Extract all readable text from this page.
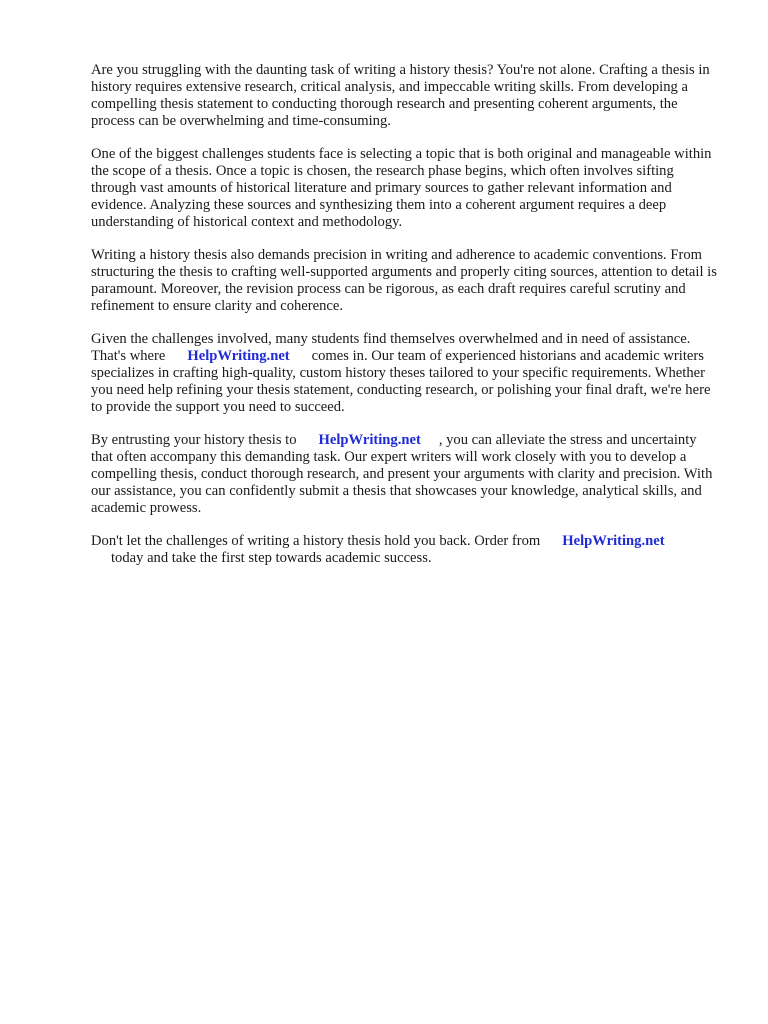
Are you struggling with the daunting task of writing a history thesis? You're not alone. Crafting a thesis in history requires extensive research, critical analysis, and impeccable writing skills. From developing a compelling thesis statement to conducting thorough research and presenting coherent arguments, the process can be overwhelming and time-consuming.

One of the biggest challenges students face is selecting a topic that is both original and manageable within the scope of a thesis. Once a topic is chosen, the research phase begins, which often involves sifting through vast amounts of historical literature and primary sources to gather relevant information and evidence. Analyzing these sources and synthesizing them into a coherent argument requires a deep understanding of historical context and methodology.

Writing a history thesis also demands precision in writing and adherence to academic conventions. From structuring the thesis to crafting well-supported arguments and properly citing sources, attention to detail is paramount. Moreover, the revision process can be rigorous, as each draft requires careful scrutiny and refinement to ensure clarity and coherence.

Given the challenges involved, many students find themselves overwhelmed and in need of assistance. That's where HelpWriting.net comes in. Our team of experienced historians and academic writers specializes in crafting high-quality, custom history theses tailored to your specific requirements. Whether you need help refining your thesis statement, conducting research, or polishing your final draft, we're here to provide the support you need to succeed.

By entrusting your history thesis to HelpWriting.net , you can alleviate the stress and uncertainty that often accompany this demanding task. Our expert writers will work closely with you to develop a compelling thesis, conduct thorough research, and present your arguments with clarity and precision. With our assistance, you can confidently submit a thesis that showcases your knowledge, analytical skills, and academic prowess.

Don't let the challenges of writing a history thesis hold you back. Order from HelpWriting.net
today and take the first step towards academic success.
